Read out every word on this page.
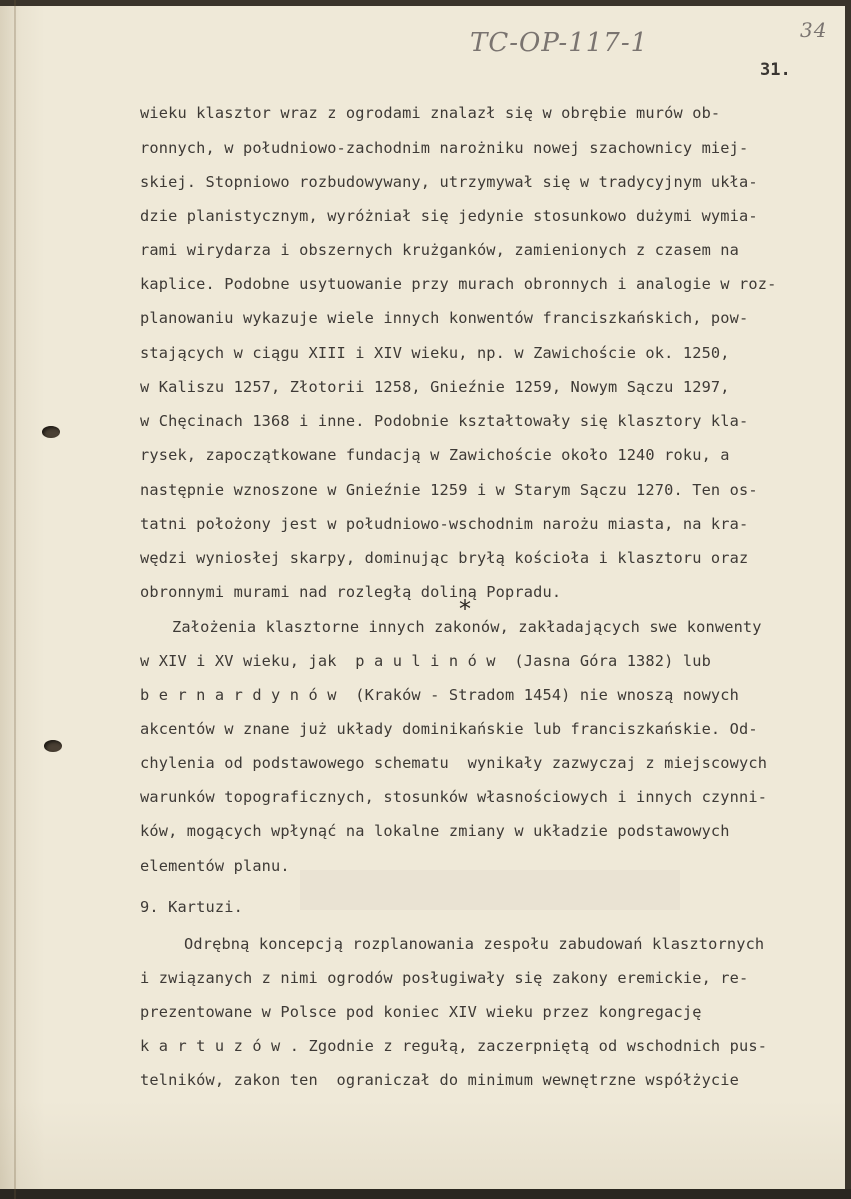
TC-OP-117-1	34
31.
wieku klasztor wraz z ogrodami znalazł się w obrębie murów ob-
ronnych, w południowo-zachodnim narożniku nowej szachownicy miej-
skiej. Stopniowo rozbudowywany, utrzymywał się w tradycyjnym ukła-
dzie planistycznym, wyróżniał się jedynie stosunkowo dużymi wymia-
rami wirydarza i obszernych krużganków, zamienionych z czasem na
kaplice. Podobne usytuowanie przy murach obronnych i analogie w roz-
planowaniu wykazuje wiele innych konwentów franciszkańskich, pow-
stających w ciągu XIII i XIV wieku, np. w Zawichoście ok. 1250,
w Kaliszu 1257, Złotorii 1258, Gnieźnie 1259, Nowym Sączu 1297,
w Chęcinach 1368 i inne. Podobnie kształtowały się klasztory kla-
rysek, zapoczątkowane fundacją w Zawichoście około 1240 roku, a
następnie wznoszone w Gnieźnie 1259 i w Starym Sączu 1270. Ten os-
tatni położony jest w południowo-wschodnim narożu miasta, na kra-
wędzi wyniosłej skarpy, dominując bryłą kościoła i klasztoru oraz
obronnymi murami nad rozległą doliną Popradu.
*
Założenia klasztorne innych zakonów, zakładających swe konwenty
w XIV i XV wieku, jak  p a u l i n ó w  (Jasna Góra 1382) lub
b e r n a r d y n ó w  (Kraków - Stradom 1454) nie wnoszą nowych
akcentów w znane już układy dominikańskie lub franciszkańskie. Od-
chylenia od podstawowego schematu  wynikały zazwyczaj z miejscowych
warunków topograficznych, stosunków własnościowych i innych czynni-
ków, mogących wpłynąć na lokalne zmiany w układzie podstawowych
elementów planu.
9. Kartuzi.
Odrębną koncepcją rozplanowania zespołu zabudowań klasztornych
i związanych z nimi ogrodów posługiwały się zakony eremickie, re-
prezentowane w Polsce pod koniec XIV wieku przez kongregację
k a r t u z ó w . Zgodnie z regułą, zaczerpniętą od wschodnich pus-
telników, zakon ten  ograniczał do minimum wewnętrzne współżycie
